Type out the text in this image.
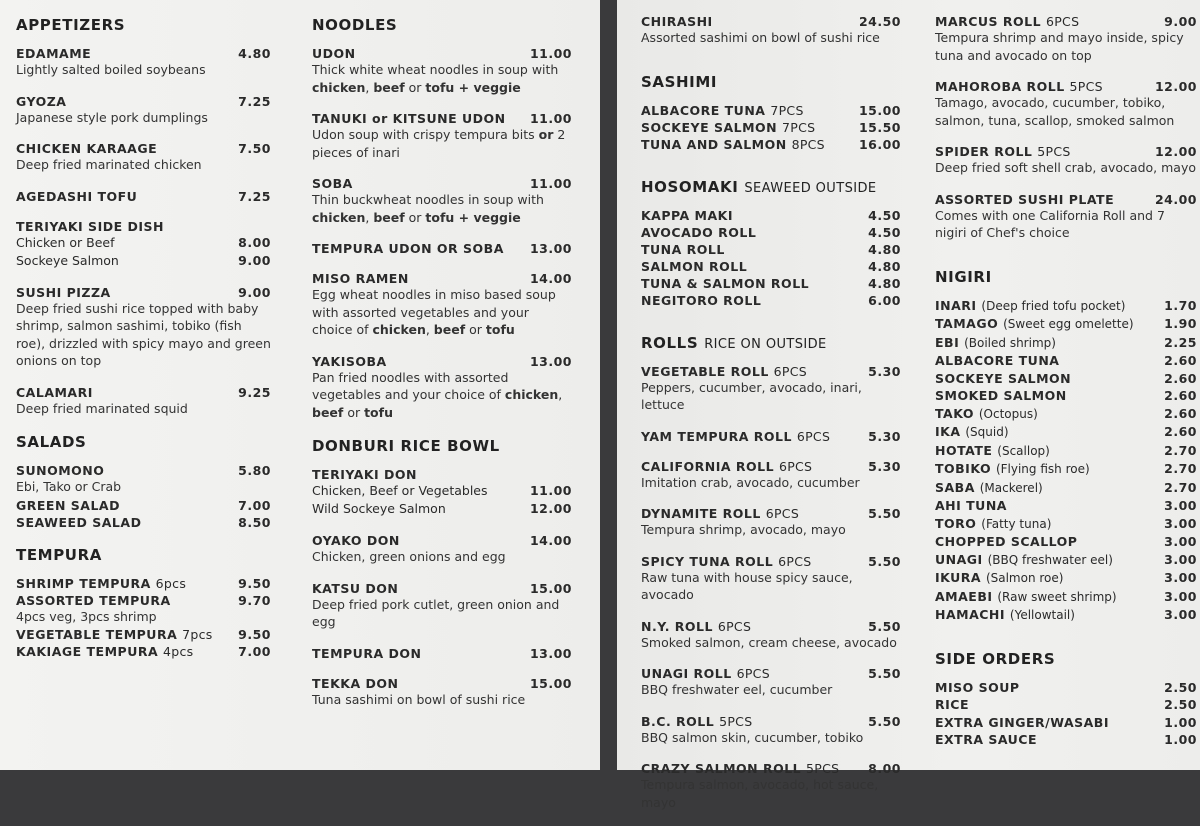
APPETIZERS
EDAMAME	4.80
Lightly salted boiled soybeans
GYOZA	7.25
Japanese style pork dumplings
CHICKEN KARAAGE	7.50
Deep fried marinated chicken
AGEDASHI TOFU	7.25
TERIYAKI SIDE DISH
Chicken or Beef	8.00
Sockeye Salmon	9.00
SUSHI PIZZA	9.00
Deep fried sushi rice topped with baby shrimp, salmon sashimi, tobiko (fish roe), drizzled with spicy mayo and green onions on top
CALAMARI	9.25
Deep fried marinated squid
SALADS
SUNOMONO	5.80
Ebi, Tako or Crab
GREEN SALAD	7.00
SEAWEED SALAD	8.50
TEMPURA
SHRIMP TEMPURA 6pcs	9.50
ASSORTED TEMPURA	9.70
4pcs veg, 3pcs shrimp
VEGETABLE TEMPURA 7pcs 9.50
KAKIAGE TEMPURA 4pcs	7.00
NOODLES
UDON	11.00
Thick white wheat noodles in soup with chicken, beef or tofu + veggie
TANUKI or KITSUNE UDON 11.00
Udon soup with crispy tempura bits or 2 pieces of inari
SOBA	11.00
Thin buckwheat noodles in soup with chicken, beef or tofu + veggie
TEMPURA UDON OR SOBA 13.00
MISO RAMEN	14.00
Egg wheat noodles in miso based soup with assorted vegetables and your choice of chicken, beef or tofu
YAKISOBA	13.00
Pan fried noodles with assorted vegetables and your choice of chicken, beef or tofu
DONBURI RICE BOWL
TERIYAKI DON
Chicken, Beef or Vegetables	11.00
Wild Sockeye Salmon	12.00
OYAKO DON	14.00
Chicken, green onions and egg
KATSU DON	15.00
Deep fried pork cutlet, green onion and egg
TEMPURA DON	13.00
TEKKA DON	15.00
Tuna sashimi on bowl of sushi rice
CHIRASHI	24.50
Assorted sashimi on bowl of sushi rice
SASHIMI
ALBACORE TUNA 7PCS	15.00
SOCKEYE SALMON 7PCS	15.50
TUNA AND SALMON 8PCS	16.00
HOSOMAKI SEAWEED OUTSIDE
KAPPA MAKI	4.50
AVOCADO ROLL	4.50
TUNA ROLL	4.80
SALMON ROLL	4.80
TUNA & SALMON ROLL	4.80
NEGITORO ROLL	6.00
ROLLS RICE ON OUTSIDE
VEGETABLE ROLL 6PCS	5.30
Peppers, cucumber, avocado, inari, lettuce
YAM TEMPURA ROLL 6PCS	5.30
CALIFORNIA ROLL 6PCS	5.30
Imitation crab, avocado, cucumber
DYNAMITE ROLL 6PCS	5.50
Tempura shrimp, avocado, mayo
SPICY TUNA ROLL 6PCS	5.50
Raw tuna with house spicy sauce, avocado
N.Y. ROLL 6PCS	5.50
Smoked salmon, cream cheese, avocado
UNAGI ROLL 6PCS	5.50
BBQ freshwater eel, cucumber
B.C. ROLL 5PCS	5.50
BBQ salmon skin, cucumber, tobiko
CRAZY SALMON ROLL 5PCS 8.00
Tempura salmon, avocado, hot sauce, mayo
MARCUS ROLL 6PCS	9.00
Tempura shrimp and mayo inside, spicy tuna and avocado on top
MAHOROBA ROLL 5PCS	12.00
Tamago, avocado, cucumber, tobiko, salmon, tuna, scallop, smoked salmon
SPIDER ROLL 5PCS	12.00
Deep fried soft shell crab, avocado, mayo
ASSORTED SUSHI PLATE	24.00
Comes with one California Roll and 7 nigiri of Chef's choice
NIGIRI
INARI (Deep fried tofu pocket)	1.70
TAMAGO (Sweet egg omelette) 1.90
EBI (Boiled shrimp)	2.25
ALBACORE TUNA	2.60
SOCKEYE SALMON	2.60
SMOKED SALMON	2.60
TAKO (Octopus)	2.60
IKA (Squid)	2.60
HOTATE (Scallop)	2.70
TOBIKO (Flying fish roe)	2.70
SABA (Mackerel)	2.70
AHI TUNA	3.00
TORO (Fatty tuna)	3.00
CHOPPED SCALLOP	3.00
UNAGI (BBQ freshwater eel)	3.00
IKURA (Salmon roe)	3.00
AMAEBI (Raw sweet shrimp)	3.00
HAMACHI (Yellowtail)	3.00
SIDE ORDERS
MISO SOUP	2.50
RICE	2.50
EXTRA GINGER/WASABI	1.00
EXTRA SAUCE	1.00
